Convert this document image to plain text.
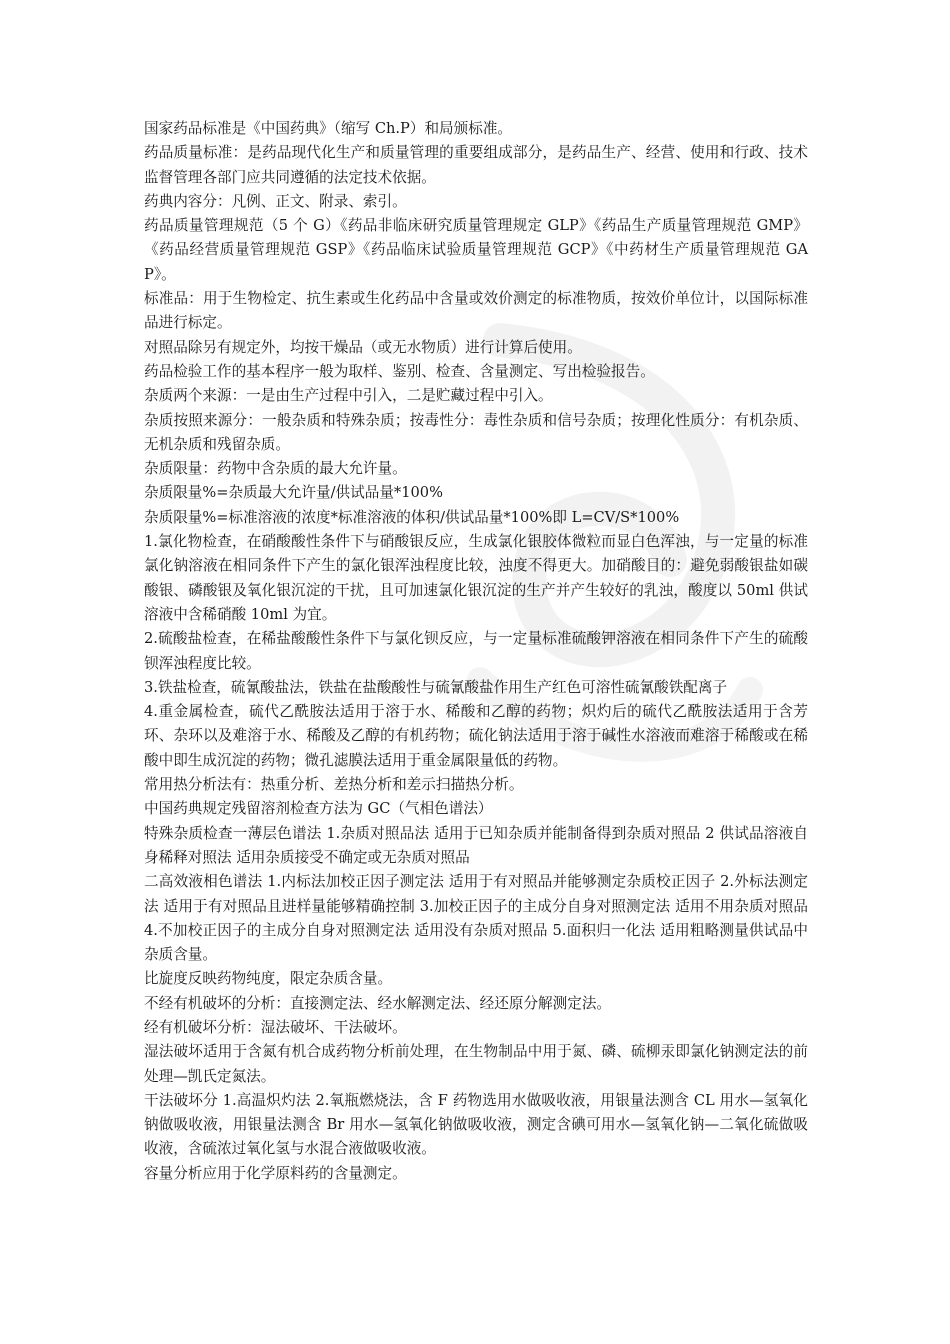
国家药品标准是《中国药典》（缩写 Ch.P）和局颁标准。

药品质量标准：是药品现代化生产和质量管理的重要组成部分，是药品生产、经营、使用和行政、技术监督管理各部门应共同遵循的法定技术依据。

药典内容分：凡例、正文、附录、索引。

药品质量管理规范（5 个 G）《药品非临床研究质量管理规定 GLP》《药品生产质量管理规范 GMP》《药品经营质量管理规范 GSP》《药品临床试验质量管理规范 GCP》《中药材生产质量管理规范 GAP》。

标准品：用于生物检定、抗生素或生化药品中含量或效价测定的标准物质，按效价单位计，以国际标准品进行标定。

对照品除另有规定外，均按干燥品（或无水物质）进行计算后使用。

药品检验工作的基本程序一般为取样、鉴别、检查、含量测定、写出检验报告。

杂质两个来源：一是由生产过程中引入，二是贮藏过程中引入。

杂质按照来源分：一般杂质和特殊杂质；按毒性分：毒性杂质和信号杂质；按理化性质分：有机杂质、无机杂质和残留杂质。

杂质限量：药物中含杂质的最大允许量。

杂质限量%=杂质最大允许量/供试品量*100%

杂质限量%=标准溶液的浓度*标准溶液的体积/供试品量*100%即 L=CV/S*100%

1.氯化物检查，在硝酸酸性条件下与硝酸银反应，生成氯化银胶体微粒而显白色浑浊，与一定量的标准氯化钠溶液在相同条件下产生的氯化银浑浊程度比较，浊度不得更大。加硝酸目的：避免弱酸银盐如碳酸银、磷酸银及氧化银沉淀的干扰，且可加速氯化银沉淀的生产并产生较好的乳浊，酸度以 50ml 供试溶液中含稀硝酸 10ml 为宜。

2.硫酸盐检查，在稀盐酸酸性条件下与氯化钡反应，与一定量标准硫酸钾溶液在相同条件下产生的硫酸钡浑浊程度比较。

3.铁盐检查，硫氰酸盐法，铁盐在盐酸酸性与硫氰酸盐作用生产红色可溶性硫氰酸铁配离子

4.重金属检查，硫代乙酰胺法适用于溶于水、稀酸和乙醇的药物；炽灼后的硫代乙酰胺法适用于含芳环、杂环以及难溶于水、稀酸及乙醇的有机药物；硫化钠法适用于溶于碱性水溶液而难溶于稀酸或在稀酸中即生成沉淀的药物；微孔滤膜法适用于重金属限量低的药物。

常用热分析法有：热重分析、差热分析和差示扫描热分析。

中国药典规定残留溶剂检查方法为 GC（气相色谱法）

特殊杂质检查一薄层色谱法 1.杂质对照品法 适用于已知杂质并能制备得到杂质对照品 2 供试品溶液自身稀释对照法 适用杂质接受不确定或无杂质对照品

二高效液相色谱法 1.内标法加校正因子测定法 适用于有对照品并能够测定杂质校正因子 2.外标法测定法 适用于有对照品且进样量能够精确控制 3.加校正因子的主成分自身对照测定法 适用不用杂质对照品 4.不加校正因子的主成分自身对照测定法 适用没有杂质对照品 5.面积归一化法 适用粗略测量供试品中杂质含量。

比旋度反映药物纯度，限定杂质含量。

不经有机破坏的分析：直接测定法、经水解测定法、经还原分解测定法。

经有机破坏分析：湿法破坏、干法破坏。

湿法破坏适用于含氮有机合成药物分析前处理，在生物制品中用于氮、磷、硫柳汞即氯化钠测定法的前处理—凯氏定氮法。

干法破坏分 1.高温炽灼法 2.氧瓶燃烧法，含 F 药物选用水做吸收液，用银量法测含 CL 用水—氢氧化钠做吸收液，用银量法测含 Br 用水—氢氧化钠做吸收液，测定含碘可用水—氢氧化钠—二氧化硫做吸收液，含硫浓过氧化氢与水混合液做吸收液。

容量分析应用于化学原料药的含量测定。
